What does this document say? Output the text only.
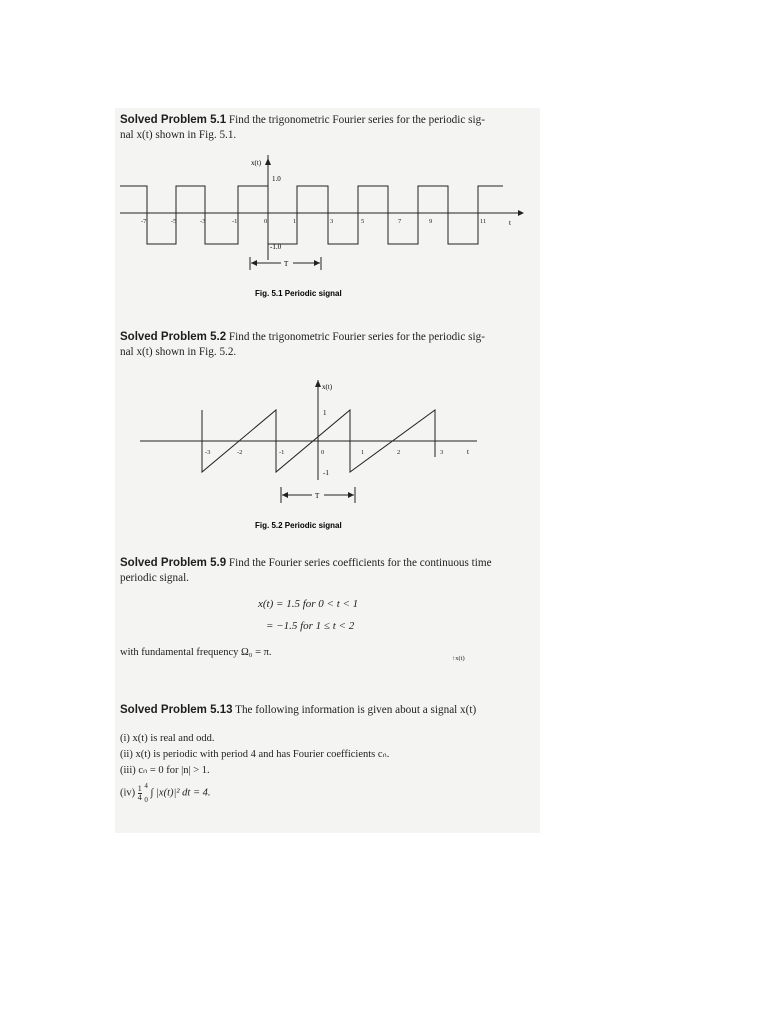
Solved Problem 5.1 Find the trigonometric Fourier series for the periodic sig-
nal x(t) shown in Fig. 5.1.
t
x(t)
1.0
-1.0
-7	-5	-3	-1	0	1	3	5	7	9	11
T
Fig. 5.1 Periodic signal
Solved Problem 5.2 Find the trigonometric Fourier series for the periodic sig-
nal x(t) shown in Fig. 5.2.
t
x(t)
1
-1
-3	-2	-1	0	1	2	3
T
Fig. 5.2 Periodic signal
Solved Problem 5.9 Find the Fourier series coefficients for the continuous time
periodic signal.
x(t) = 1.5 for 0 < t < 1
= −1.5 for 1 ≤ t < 2
with fundamental frequency Ω₀ = π.
↑x(t)
Solved Problem 5.13 The following information is given about a signal x(t)
(i) x(t) is real and odd.
(ii) x(t) is periodic with period 4 and has Fourier coefficients cₙ.
(iii) cₙ = 0 for |n| > 1.
$(iv) \frac{1}{4}$
4
0
∫ |x(t)|² dt = 4.
